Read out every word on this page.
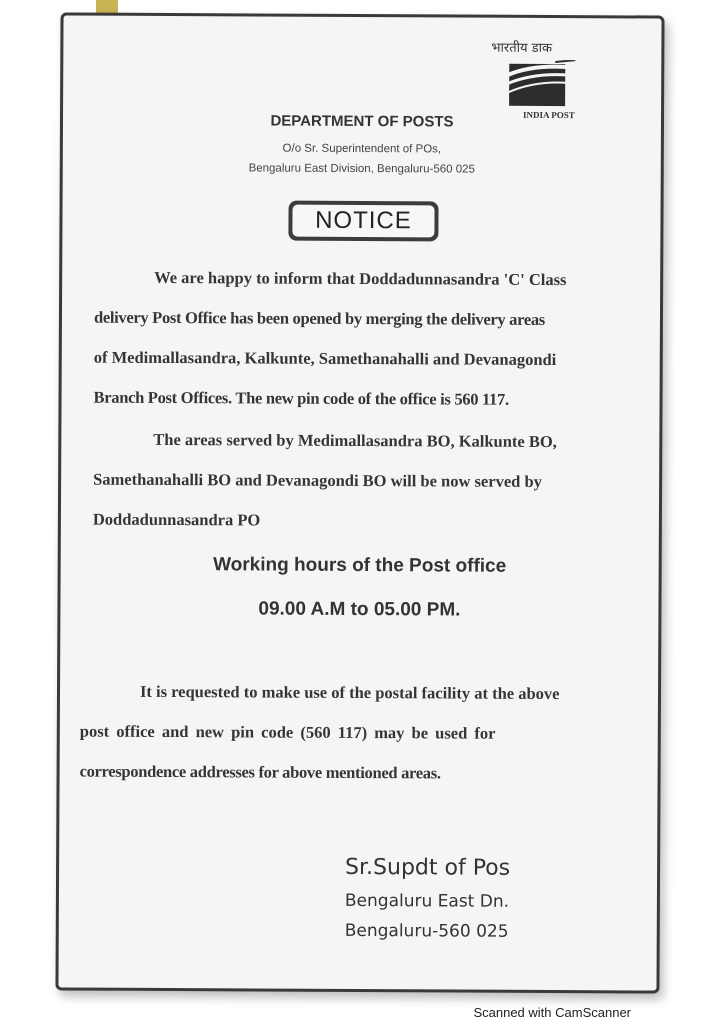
भारतीय डाक
INDIA POST
DEPARTMENT OF POSTS
O/o Sr. Superintendent of POs,
Bengaluru East Division, Bengaluru-560 025
NOTICE
We are happy to inform that Doddadunnasandra 'C' Class
delivery Post Office has been opened by merging the delivery areas
of Medimallasandra, Kalkunte, Samethanahalli and Devanagondi
Branch Post Offices. The new pin code of the office is 560 117.
The areas served by Medimallasandra BO, Kalkunte BO,
Samethanahalli BO and Devanagondi BO will be now served by
Doddadunnasandra PO
Working hours of the Post office
09.00 A.M to 05.00 PM.
It is requested to make use of the postal facility at the above
post office and new pin code (560 117) may be used for
correspondence addresses for above mentioned areas.
Sr.Supdt of Pos
Bengaluru East Dn.
Bengaluru-560 025
Scanned with CamScanner
